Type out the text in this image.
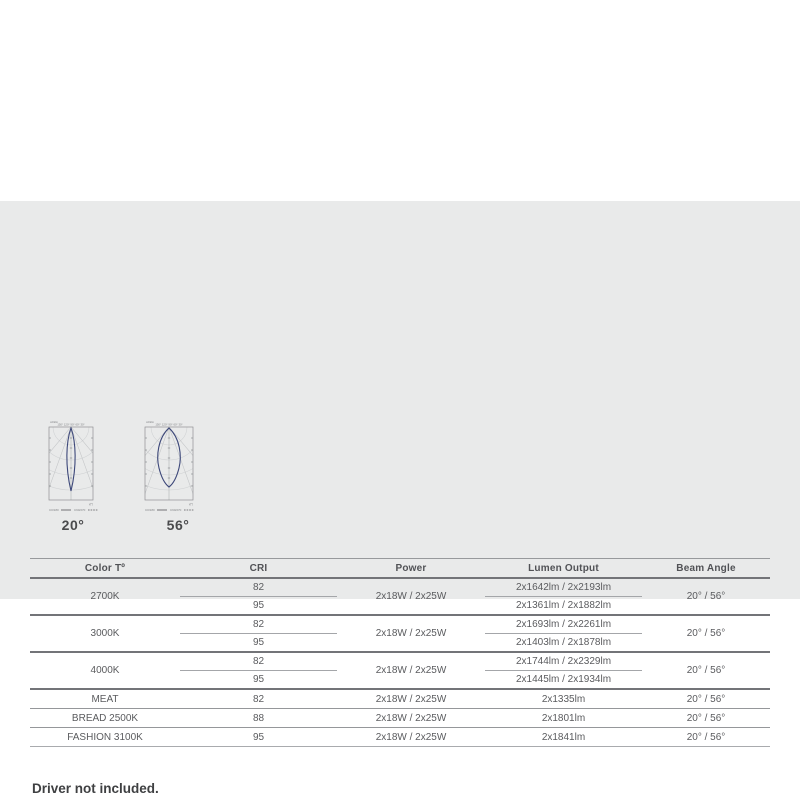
cd/klm
150° 120° 90° 60° 30°
γ[°]
C0/180	C90/270
cd/klm
150° 120° 90° 60° 30°
γ[°]
C0/180	C90/270
20°	56°
Color Tº	CRI	Power	Lumen Output	Beam Angle
2700K	82	2x18W / 2x25W	2x1642lm / 2x2193lm	20° / 56°
	95		2x1361lm / 2x1882lm	
3000K	82	2x18W / 2x25W	2x1693lm / 2x2261lm	20° / 56°
	95		2x1403lm / 2x1878lm	
4000K	82	2x18W / 2x25W	2x1744lm / 2x2329lm	20° / 56°
	95		2x1445lm / 2x1934lm	
MEAT	82	2x18W / 2x25W	2x1335lm	20° / 56°
BREAD 2500K	88	2x18W / 2x25W	2x1801lm	20° / 56°
FASHION 3100K	95	2x18W / 2x25W	2x1841lm	20° / 56°
Driver not included.
